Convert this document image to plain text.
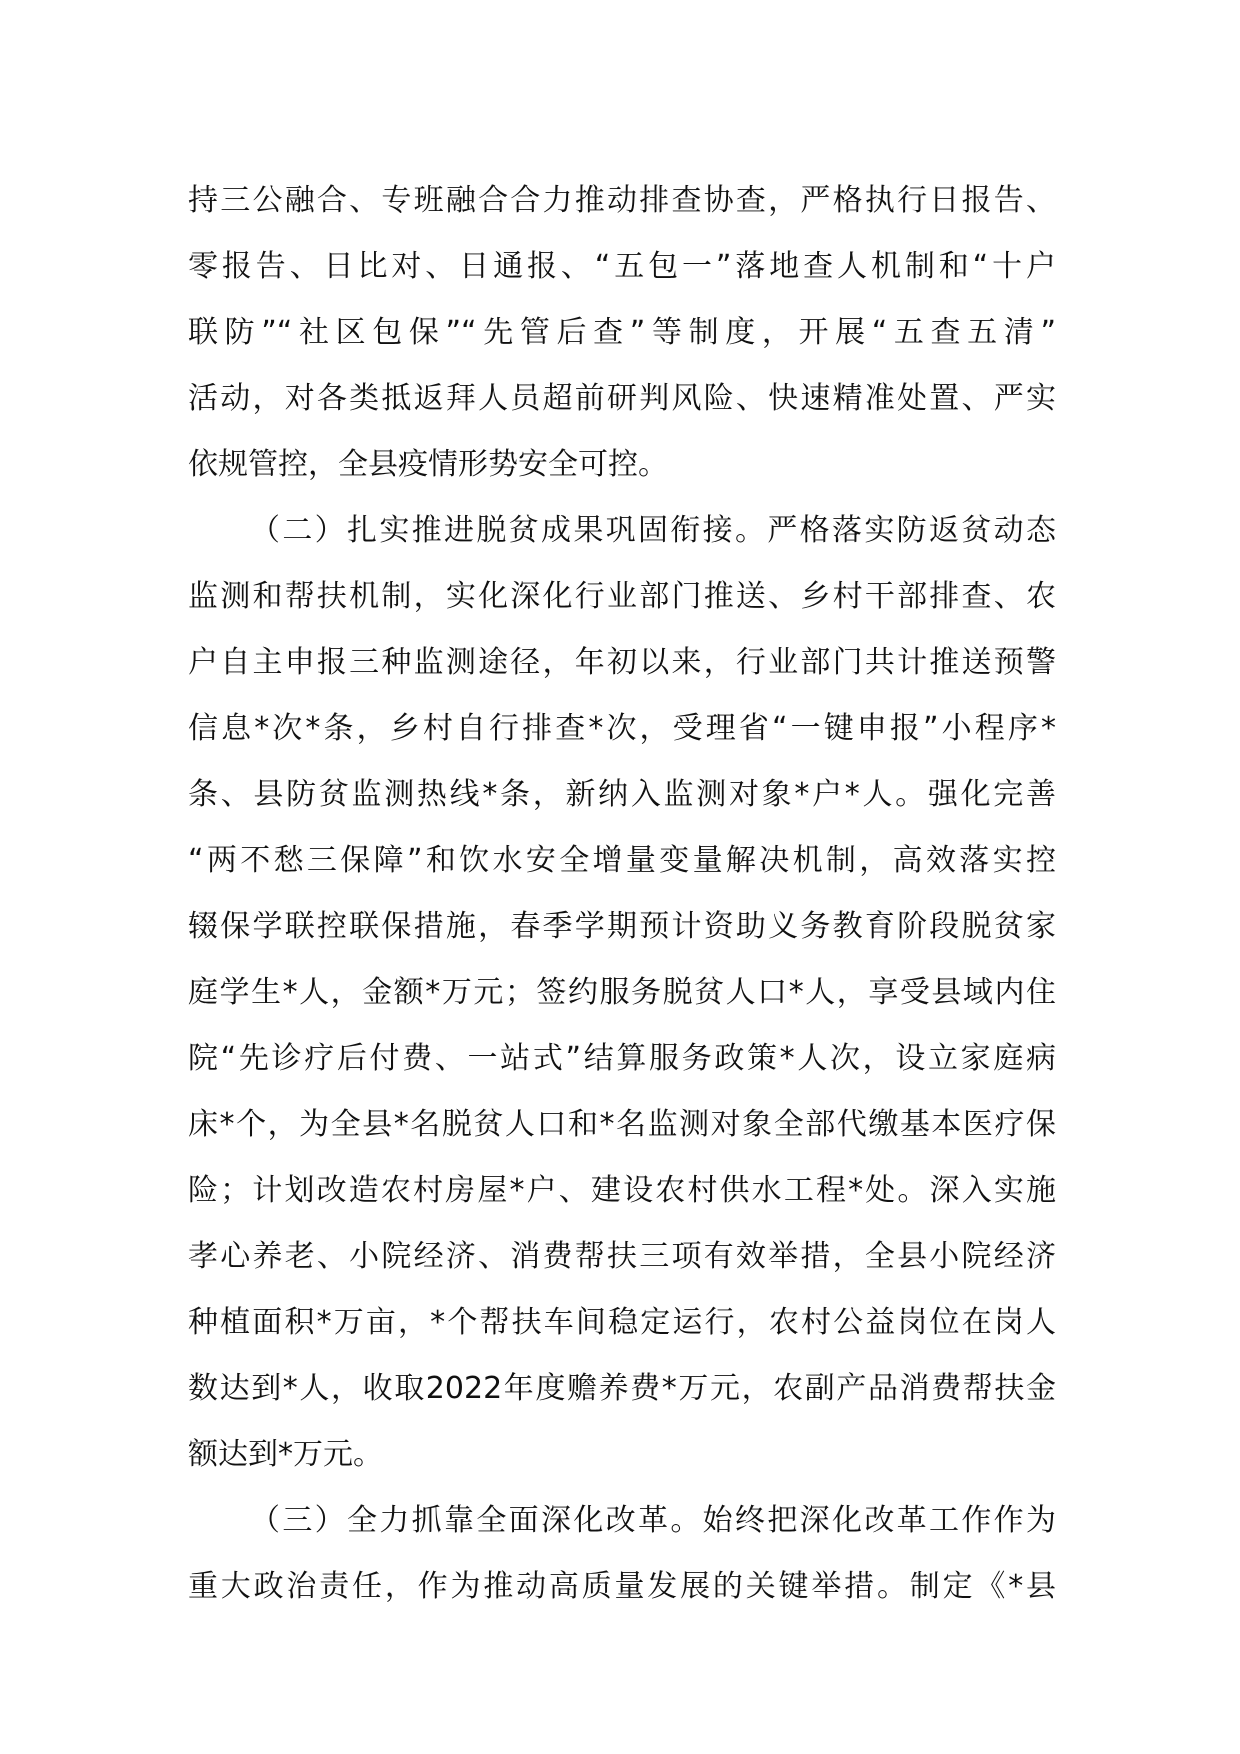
持三公融合、专班融合合力推动排查协查，严格执行日报告、
零报告、日比对、日通报、“五包一”落地查人机制和“十户
联防”“社区包保”“先管后查”等制度，开展“五查五清”
活动，对各类抵返拜人员超前研判风险、快速精准处置、严实
依规管控，全县疫情形势安全可控。
（二）扎实推进脱贫成果巩固衔接。严格落实防返贫动态
监测和帮扶机制，实化深化行业部门推送、乡村干部排查、农
户自主申报三种监测途径，年初以来，行业部门共计推送预警
信息*次*条，乡村自行排查*次，受理省“一键申报”小程序*
条、县防贫监测热线*条，新纳入监测对象*户*人。强化完善
“两不愁三保障”和饮水安全增量变量解决机制，高效落实控
辍保学联控联保措施，春季学期预计资助义务教育阶段脱贫家
庭学生*人，金额*万元；签约服务脱贫人口*人，享受县域内住
院“先诊疗后付费、一站式”结算服务政策*人次，设立家庭病
床*个，为全县*名脱贫人口和*名监测对象全部代缴基本医疗保
险；计划改造农村房屋*户、建设农村供水工程*处。深入实施
孝心养老、小院经济、消费帮扶三项有效举措，全县小院经济
种植面积*万亩，*个帮扶车间稳定运行，农村公益岗位在岗人
数达到*人，收取2022年度赡养费*万元，农副产品消费帮扶金
额达到*万元。
（三）全力抓靠全面深化改革。始终把深化改革工作作为
重大政治责任，作为推动高质量发展的关键举措。制定《*县
